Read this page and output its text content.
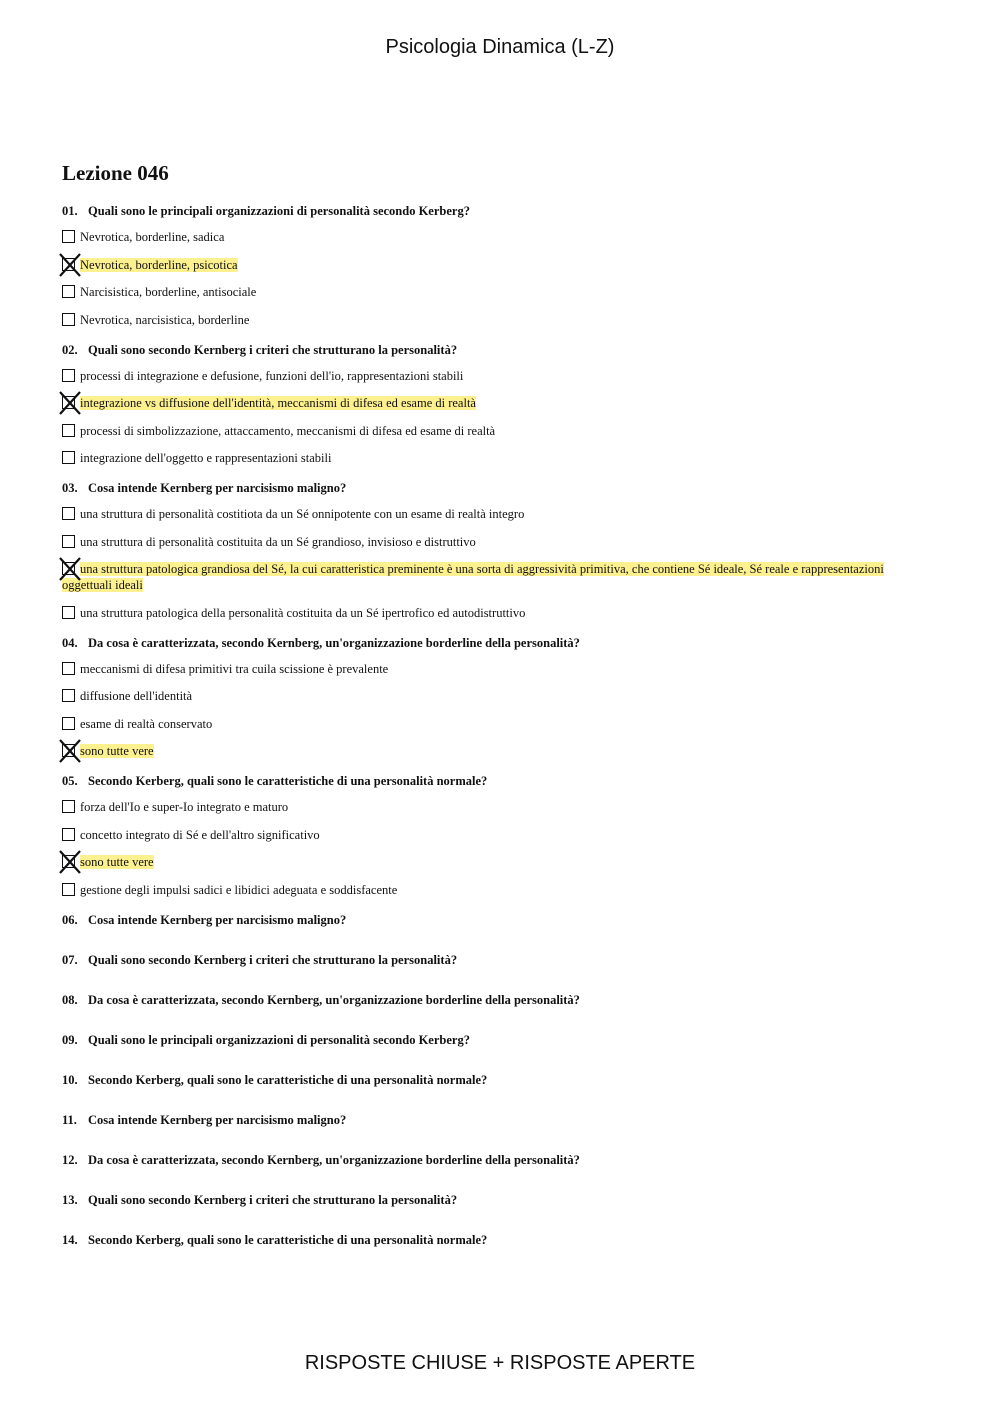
Psicologia Dinamica (L-Z)
Lezione 046
01. Quali sono le principali organizzazioni di personalità secondo Kerberg?
Nevrotica, borderline, sadica
Nevrotica, borderline, psicotica
Narcisistica, borderline, antisociale
Nevrotica, narcisistica, borderline
02. Quali sono secondo Kernberg i criteri che strutturano la personalità?
processi di integrazione e defusione, funzioni dell'io, rappresentazioni stabili
integrazione vs diffusione dell'identità, meccanismi di difesa ed esame di realtà
processi di simbolizzazione, attaccamento, meccanismi di difesa ed esame di realtà
integrazione dell'oggetto e rappresentazioni stabili
03. Cosa intende Kernberg per narcisismo maligno?
una struttura di personalità costitiota da un Sé onnipotente con un esame di realtà integro
una struttura di personalità costituita da un Sé grandioso, invisioso e distruttivo
una struttura patologica grandiosa del Sé, la cui caratteristica preminente è una sorta di aggressività primitiva, che contiene Sé ideale, Sé reale e rappresentazioni oggettuali ideali
una struttura patologica della personalità costituita da un Sé ipertrofico ed autodistruttivo
04. Da cosa è caratterizzata, secondo Kernberg, un'organizzazione borderline della personalità?
meccanismi di difesa primitivi tra cuila scissione è prevalente
diffusione dell'identità
esame di realtà conservato
sono tutte vere
05. Secondo Kerberg, quali sono le caratteristiche di una personalità normale?
forza dell'Io e super-Io integrato e maturo
concetto integrato di Sé e dell'altro significativo
sono tutte vere
gestione degli impulsi sadici e libidici adeguata e soddisfacente
06. Cosa intende Kernberg per narcisismo maligno?
07. Quali sono secondo Kernberg i criteri che strutturano la personalità?
08. Da cosa è caratterizzata, secondo Kernberg, un'organizzazione borderline della personalità?
09. Quali sono le principali organizzazioni di personalità secondo Kerberg?
10. Secondo Kerberg, quali sono le caratteristiche di una personalità normale?
11. Cosa intende Kernberg per narcisismo maligno?
12. Da cosa è caratterizzata, secondo Kernberg, un'organizzazione borderline della personalità?
13. Quali sono secondo Kernberg i criteri che strutturano la personalità?
14. Secondo Kerberg, quali sono le caratteristiche di una personalità normale?
RISPOSTE CHIUSE + RISPOSTE APERTE
